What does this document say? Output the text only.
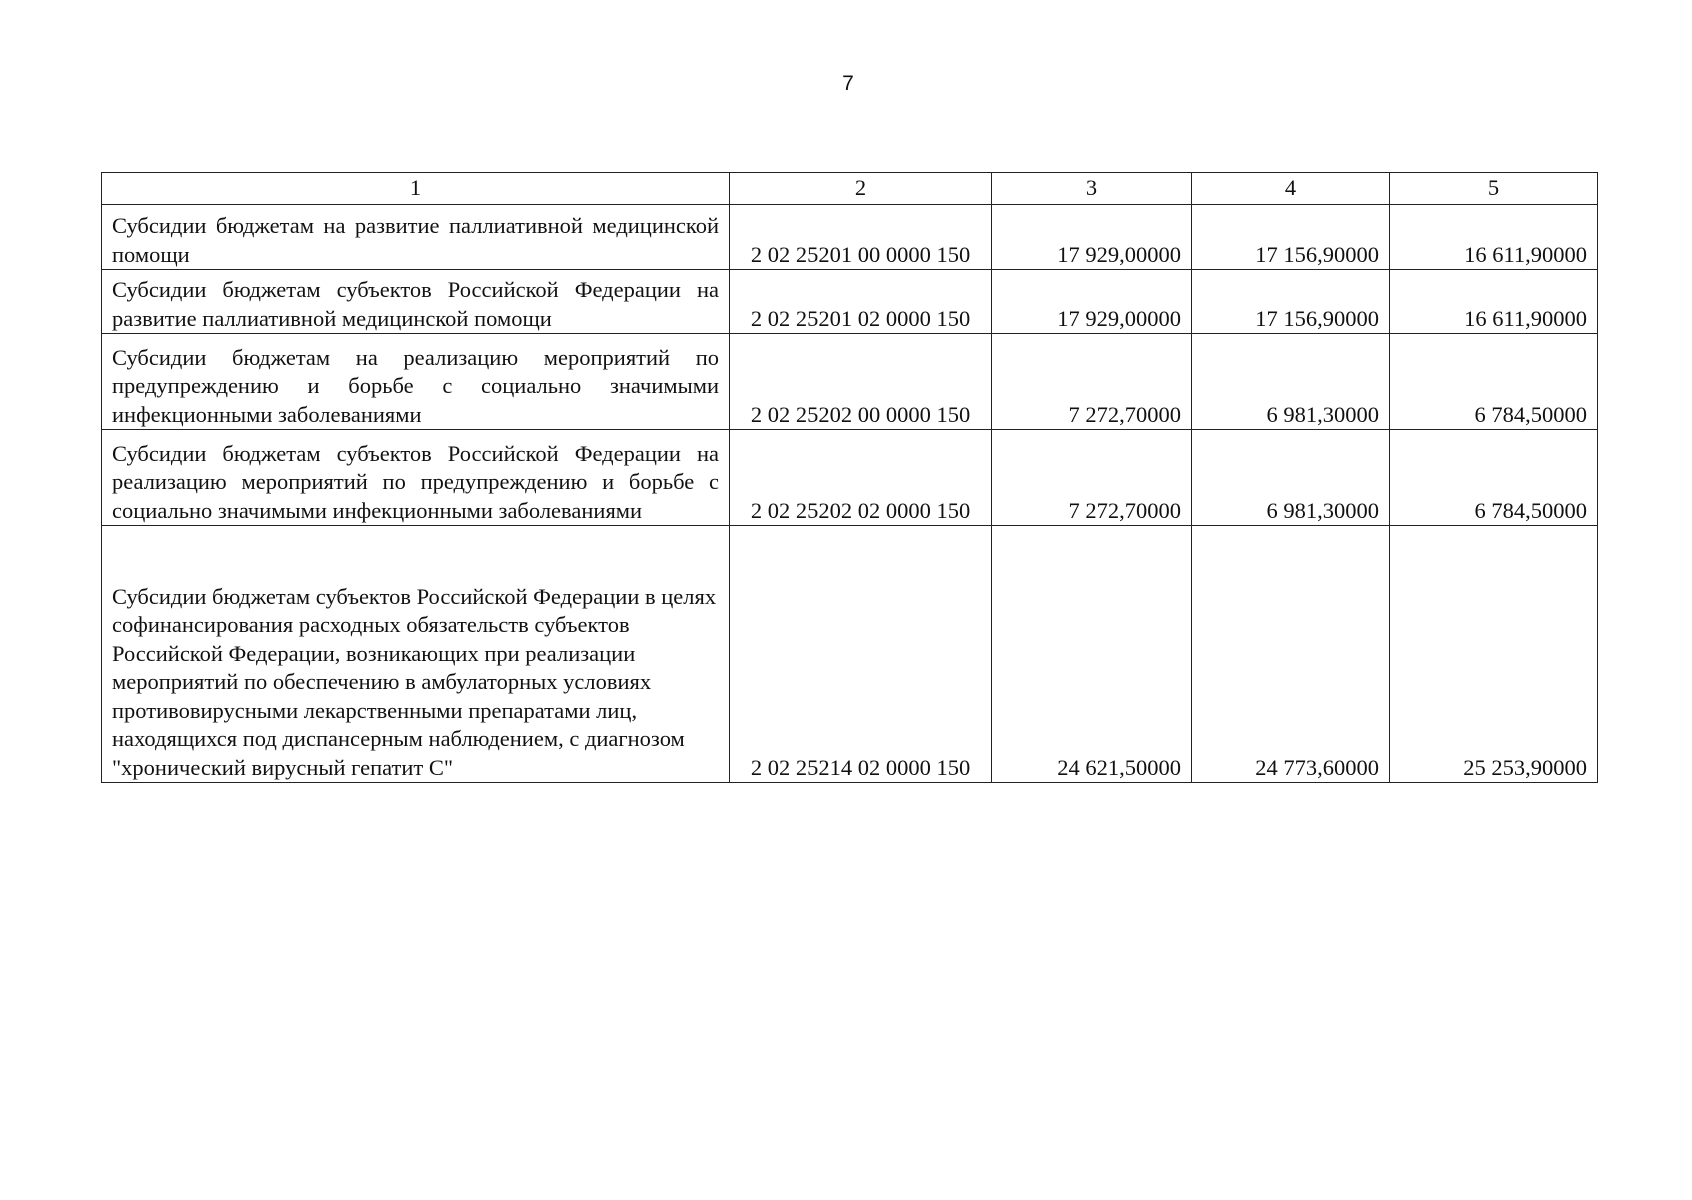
7
1	2	3	4	5
Субсидии бюджетам на развитие паллиативной медицинской помощи	2 02 25201 00 0000 150	17 929,00000	17 156,90000	16 611,90000
Субсидии бюджетам субъектов Российской Федерации на развитие паллиативной медицинской помощи	2 02 25201 02 0000 150	17 929,00000	17 156,90000	16 611,90000
Субсидии бюджетам на реализацию мероприятий по предупреждению и борьбе с социально значимыми инфекционными заболеваниями	2 02 25202 00 0000 150	7 272,70000	6 981,30000	6 784,50000
Субсидии бюджетам субъектов Российской Федерации на реализацию мероприятий по предупреждению и борьбе с социально значимыми инфекционными заболеваниями	2 02 25202 02 0000 150	7 272,70000	6 981,30000	6 784,50000
Субсидии бюджетам субъектов Российской Федерации в целях софинансирования расходных обязательств субъектов Российской Федерации, возникающих при реализации мероприятий по обеспечению в амбулаторных условиях противовирусными лекарственными препаратами лиц, находящихся под диспансерным наблюдением, с диагнозом "хронический вирусный гепатит С"	2 02 25214 02 0000 150	24 621,50000	24 773,60000	25 253,90000
